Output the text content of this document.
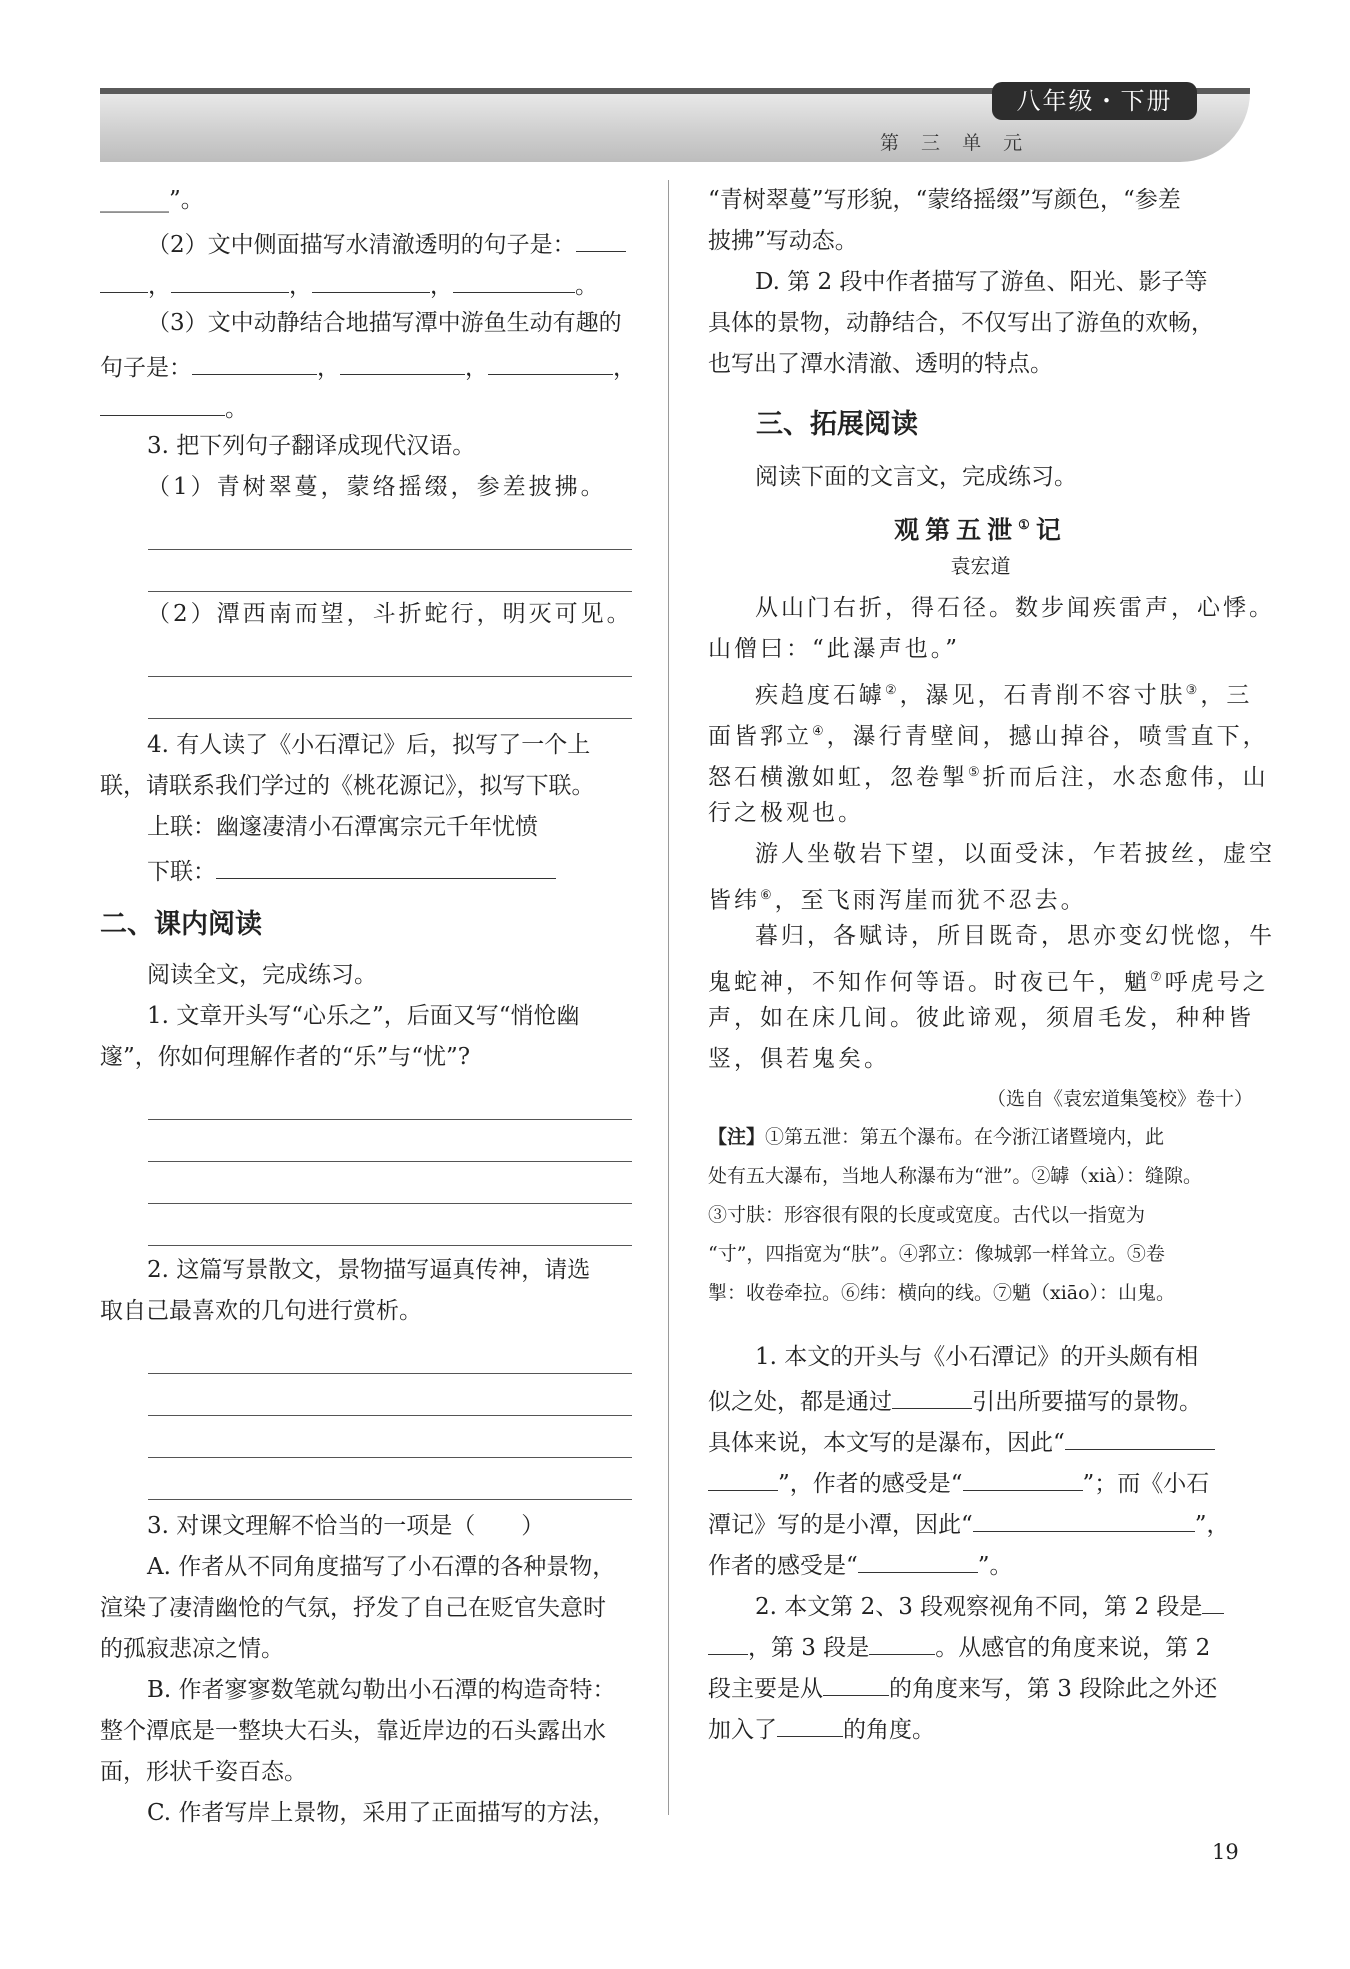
八年级・下册
第 三 单 元
______”。
（2）文中侧面描写水清澈透明的句子是：
，	，	，	。
（3）文中动静结合地描写潭中游鱼生动有趣的
句子是：	，	，	，
。
3. 把下列句子翻译成现代汉语。
（1）青树翠蔓，蒙络摇缀，参差披拂。
（2）潭西南而望，斗折蛇行，明灭可见。
4. 有人读了《小石潭记》后，拟写了一个上
联，请联系我们学过的《桃花源记》，拟写下联。
上联：幽邃凄清小石潭寓宗元千年忧愤
下联：
二、课内阅读
阅读全文，完成练习。
1. 文章开头写“心乐之”，后面又写“悄怆幽
邃”，你如何理解作者的“乐”与“忧”?
2. 这篇写景散文，景物描写逼真传神，请选
取自己最喜欢的几句进行赏析。
3. 对课文理解不恰当的一项是（　　）
A. 作者从不同角度描写了小石潭的各种景物，
渲染了凄清幽怆的气氛，抒发了自己在贬官失意时
的孤寂悲凉之情。
B. 作者寥寥数笔就勾勒出小石潭的构造奇特：
整个潭底是一整块大石头，靠近岸边的石头露出水
面，形状千姿百态。
C. 作者写岸上景物，采用了正面描写的方法，
“青树翠蔓”写形貌，“蒙络摇缀”写颜色，“参差
披拂”写动态。
D. 第 2 段中作者描写了游鱼、阳光、影子等
具体的景物，动静结合，不仅写出了游鱼的欢畅，
也写出了潭水清澈、透明的特点。
三、拓展阅读
阅读下面的文言文，完成练习。
观第五泄①记
袁宏道
从山门右折，得石径。数步闻疾雷声，心悸。
山僧曰：“此瀑声也。”
疾趋度石罅②，瀑见，石青削不容寸肤③，三
面皆郛立④，瀑行青壁间，撼山掉谷，喷雪直下，
怒石横激如虹，忽卷掣⑤折而后注，水态愈伟，山
行之极观也。
游人坐敬岩下望，以面受沫，乍若披丝，虚空
皆纬⑥，至飞雨泻崖而犹不忍去。
暮归，各赋诗，所目既奇，思亦变幻恍惚，牛
鬼蛇神，不知作何等语。时夜已午，魈⑦呼虎号之
声，如在床几间。彼此谛观，须眉毛发，种种皆
竖，俱若鬼矣。
（选自《袁宏道集笺校》卷十）
【注】①第五泄：第五个瀑布。在今浙江诸暨境内，此
处有五大瀑布，当地人称瀑布为“泄”。②罅（xià）：缝隙。
③寸肤：形容很有限的长度或宽度。古代以一指宽为
“寸”，四指宽为“肤”。④郛立：像城郭一样耸立。⑤卷
掣：收卷牵拉。⑥纬：横向的线。⑦魈（xiāo）：山鬼。
1. 本文的开头与《小石潭记》的开头颇有相
似之处，都是通过	引出所要描写的景物。
具体来说，本文写的是瀑布，因此“
”，作者的感受是“	”；而《小石
潭记》写的是小潭，因此“	”，
作者的感受是“	”。
2. 本文第 2、3 段观察视角不同，第 2 段是
，第 3 段是	。从感官的角度来说，第 2
段主要是从	的角度来写，第 3 段除此之外还
加入了	的角度。
19
